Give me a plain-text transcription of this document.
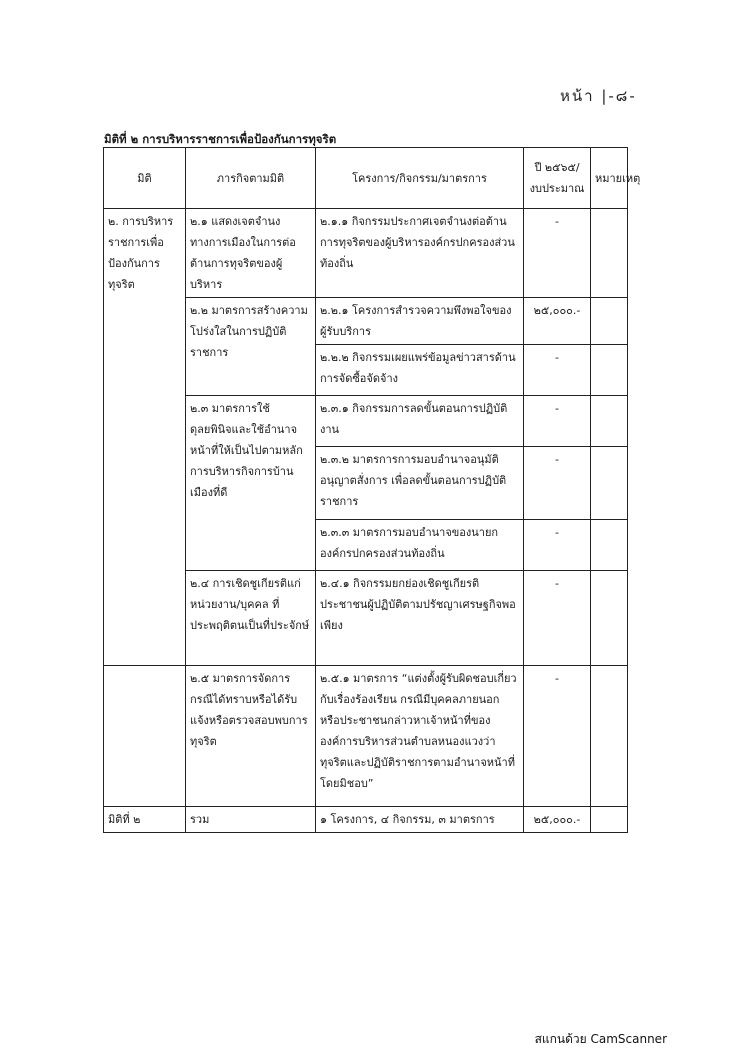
หน้า |-๘-
มิติที่ ๒ การบริหารราชการเพื่อป้องกันการทุจริต
มิติ	ภารกิจตามมิติ	โครงการ/กิจกรรม/มาตรการ	ปี ๒๕๖๕/ งบประมาณ	หมายเหตุ
๒. การบริหารราชการเพื่อป้องกันการทุจริต	๒.๑ แสดงเจตจำนงทางการเมืองในการต่อต้านการทุจริตของผู้บริหาร	๒.๑.๑ กิจกรรมประกาศเจตจำนงต่อต้านการทุจริตของผู้บริหารองค์กรปกครองส่วนท้องถิ่น	-	
	๒.๒ มาตรการสร้างความโปร่งใสในการปฏิบัติราชการ	๒.๒.๑ โครงการสำรวจความพึงพอใจของผู้รับบริการ	๒๕,๐๐๐.-	
		๒.๒.๒ กิจกรรมเผยแพร่ข้อมูลข่าวสารด้านการจัดซื้อจัดจ้าง	-	
	๒.๓ มาตรการใช้ดุลยพินิจและใช้อำนาจหน้าที่ให้เป็นไปตามหลักการบริหารกิจการบ้านเมืองที่ดี	๒.๓.๑ กิจกรรมการลดขั้นตอนการปฏิบัติงาน	-	
		๒.๓.๒ มาตรการการมอบอำนาจอนุมัติ อนุญาตสั่งการ เพื่อลดขั้นตอนการปฏิบัติราชการ	-	
		๒.๓.๓ มาตรการมอบอำนาจของนายกองค์กรปกครองส่วนท้องถิ่น	-	
	๒.๔ การเชิดชูเกียรติแก่หน่วยงาน/บุคคล ที่ประพฤติตนเป็นที่ประจักษ์	๒.๔.๑ กิจกรรมยกย่องเชิดชูเกียรติประชาชนผู้ปฏิบัติตามปรัชญาเศรษฐกิจพอเพียง	-	
	๒.๕ มาตรการจัดการกรณีได้ทราบหรือได้รับแจ้งหรือตรวจสอบพบการทุจริต	๒.๕.๑ มาตรการ “แต่งตั้งผู้รับผิดชอบเกี่ยวกับเรื่องร้องเรียน กรณีมีบุคคลภายนอกหรือประชาชนกล่าวหาเจ้าหน้าที่ขององค์การบริหารส่วนตำบลหนองแวงว่าทุจริตและปฏิบัติราชการตามอำนาจหน้าที่โดยมิชอบ”	-	
มิติที่ ๒	รวม	๑ โครงการ, ๔ กิจกรรม, ๓ มาตรการ	๒๕,๐๐๐.-	
สแกนด้วย CamScanner
